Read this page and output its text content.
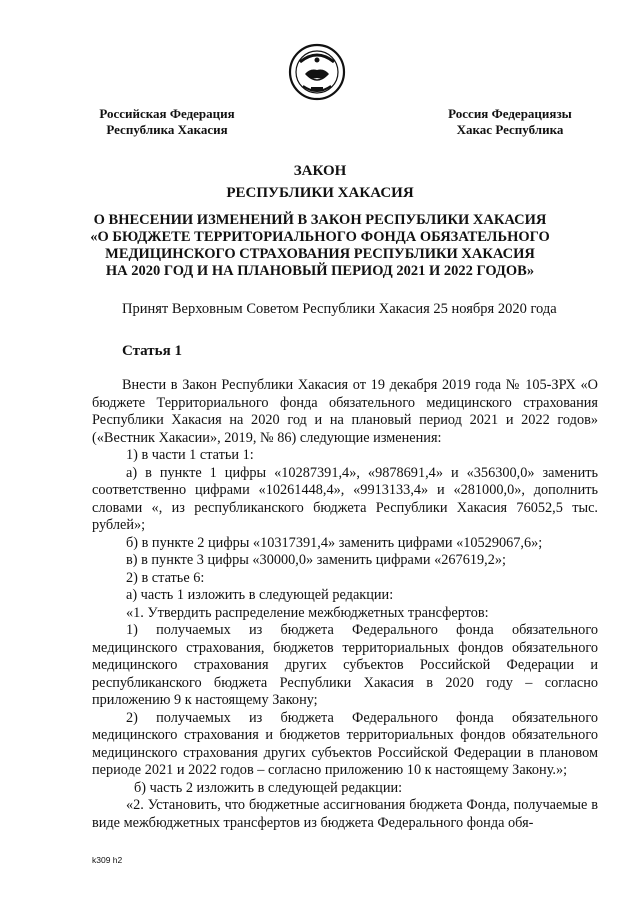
Российская Федерация
Республика Хакасия
Россия Федерациязы
Хакас Республика
ЗАКОН
РЕСПУБЛИКИ ХАКАСИЯ
О ВНЕСЕНИИ ИЗМЕНЕНИЙ В ЗАКОН РЕСПУБЛИКИ ХАКАСИЯ
«О БЮДЖЕТЕ ТЕРРИТОРИАЛЬНОГО ФОНДА ОБЯЗАТЕЛЬНОГО
МЕДИЦИНСКОГО СТРАХОВАНИЯ РЕСПУБЛИКИ ХАКАСИЯ
НА 2020 ГОД И НА ПЛАНОВЫЙ ПЕРИОД 2021 И 2022 ГОДОВ»
Принят Верховным Советом Республики Хакасия 25 ноября 2020 года
Статья 1

Внести в Закон Республики Хакасия от 19 декабря 2019 года № 105-ЗРХ «О бюджете Территориального фонда обязательного медицинского страхования Республики Хакасия на 2020 год и на плановый период 2021 и 2022 годов» («Вестник Хакасии», 2019, № 86) следующие изменения:

1) в части 1 статьи 1:

а) в пункте 1 цифры «10287391,4», «9878691,4» и «356300,0» заменить соответственно цифрами «10261448,4», «9913133,4» и «281000,0», дополнить словами «, из республиканского бюджета Республики Хакасия 76052,5 тыс. рублей»;

б) в пункте 2 цифры «10317391,4» заменить цифрами «10529067,6»;

в) в пункте 3 цифры «30000,0» заменить цифрами «267619,2»;

2) в статье 6:

а) часть 1 изложить в следующей редакции:

«1. Утвердить распределение межбюджетных трансфертов:

1) получаемых из бюджета Федерального фонда обязательного медицинского страхования, бюджетов территориальных фондов обязательного медицинского страхования других субъектов Российской Федерации и республиканского бюджета Республики Хакасия в 2020 году – согласно приложению 9 к настоящему Закону;

2) получаемых из бюджета Федерального фонда обязательного медицинского страхования и бюджетов территориальных фондов обязательного медицинского страхования других субъектов Российской Федерации в плановом периоде 2021 и 2022 годов – согласно приложению 10 к настоящему Закону.»;

б) часть 2 изложить в следующей редакции:

«2. Установить, что бюджетные ассигнования бюджета Фонда, получаемые в виде межбюджетных трансфертов из бюджета Федерального фонда обя-

k309 h2
